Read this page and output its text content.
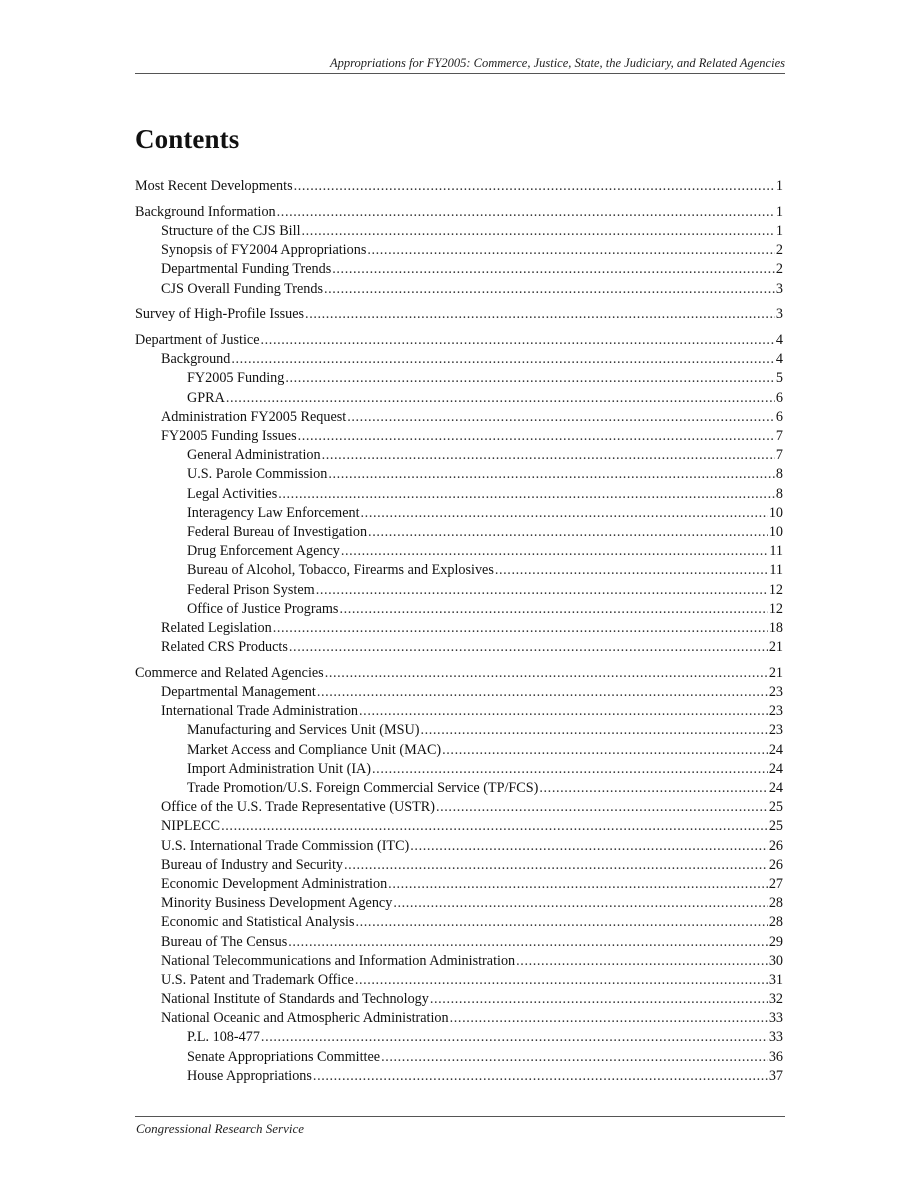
Appropriations for FY2005: Commerce, Justice, State, the Judiciary, and Related Agencies
Contents
Most Recent Developments .....	1
Background Information .....	1
Structure of the CJS Bill .....	1
Synopsis of FY2004 Appropriations .....	2
Departmental Funding Trends .....	2
CJS Overall Funding Trends .....	3
Survey of High-Profile Issues .....	3
Department of Justice .....	4
Background .....	4
FY2005 Funding .....	5
GPRA .....	6
Administration FY2005 Request .....	6
FY2005 Funding Issues .....	7
General Administration .....	7
U.S. Parole Commission .....	8
Legal Activities .....	8
Interagency Law Enforcement .....	10
Federal Bureau of Investigation .....	10
Drug Enforcement Agency .....	11
Bureau of Alcohol, Tobacco, Firearms and Explosives .....	11
Federal Prison System .....	12
Office of Justice Programs .....	12
Related Legislation .....	18
Related CRS Products .....	21
Commerce and Related Agencies .....	21
Departmental Management .....	23
International Trade Administration .....	23
Manufacturing and Services Unit (MSU) .....	23
Market Access and Compliance Unit (MAC) .....	24
Import Administration Unit (IA) .....	24
Trade Promotion/U.S. Foreign Commercial Service (TP/FCS) .....	24
Office of the U.S. Trade Representative (USTR) .....	25
NIPLECC .....	25
U.S. International Trade Commission (ITC) .....	26
Bureau of Industry and Security .....	26
Economic Development Administration .....	27
Minority Business Development Agency .....	28
Economic and Statistical Analysis .....	28
Bureau of The Census .....	29
National Telecommunications and Information Administration .....	30
U.S. Patent and Trademark Office .....	31
National Institute of Standards and Technology .....	32
National Oceanic and Atmospheric Administration .....	33
P.L. 108-477 .....	33
Senate Appropriations Committee .....	36
House Appropriations .....	37
Congressional Research Service
